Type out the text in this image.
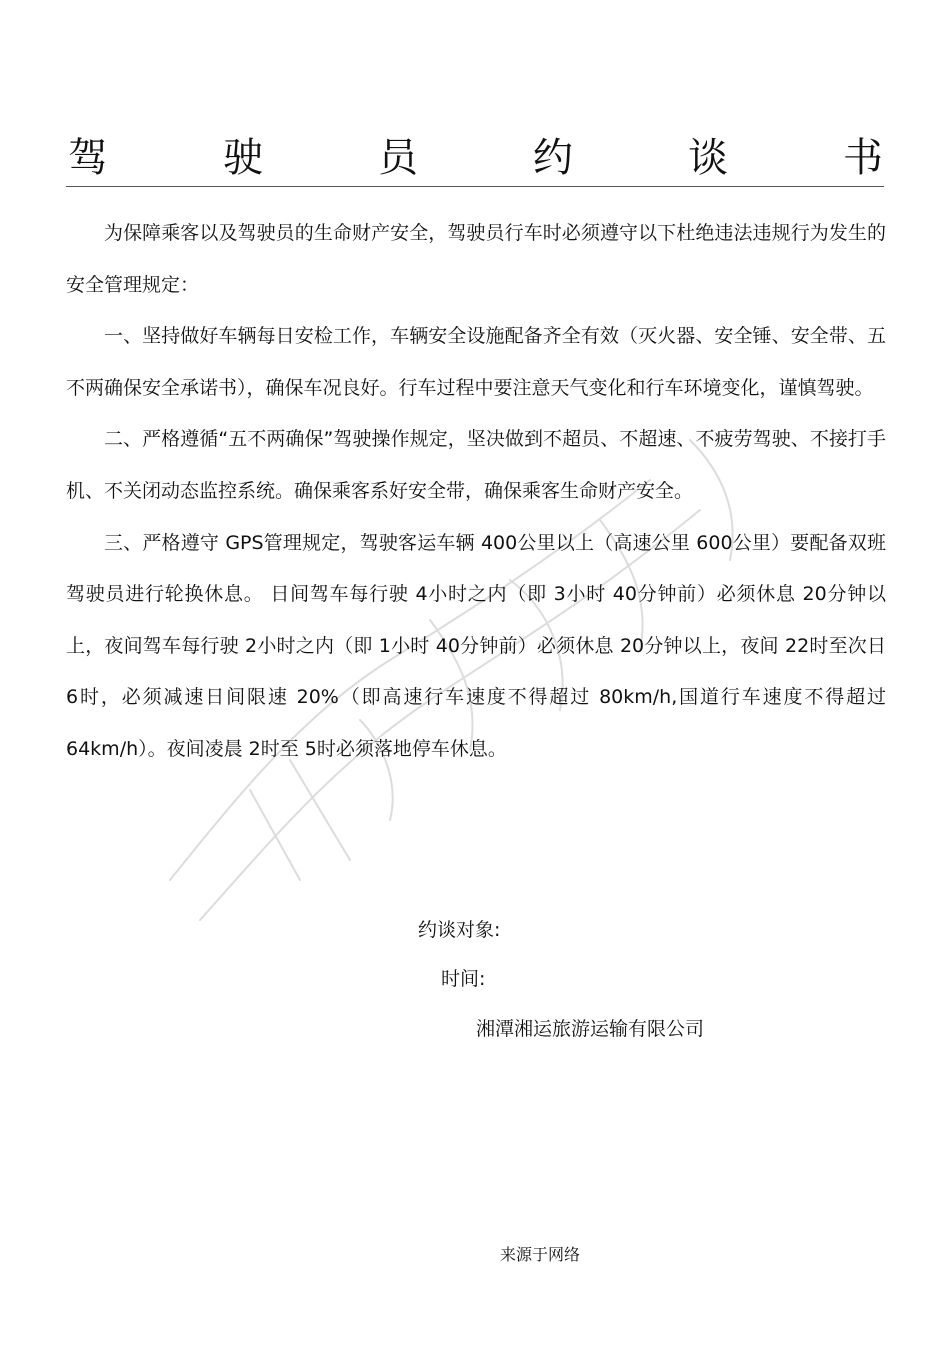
驾	驶	员	约	谈	书

为保障乘客以及驾驶员的生命财产安全，驾驶员行车时必须遵守以下杜绝违法违规行为发生的安全管理规定：

一、坚持做好车辆每日安检工作，车辆安全设施配备齐全有效（灭火器、安全锤、安全带、五不两确保安全承诺书），确保车况良好。行车过程中要注意天气变化和行车环境变化，谨慎驾驶。

二、严格遵循“五不两确保”驾驶操作规定，坚决做到不超员、不超速、不疲劳驾驶、不接打手机、不关闭动态监控系统。确保乘客系好安全带，确保乘客生命财产安全。

三、严格遵守 GPS管理规定，驾驶客运车辆 400公里以上（高速公里 600公里）要配备双班驾驶员进行轮换休息。 日间驾车每行驶 4小时之内（即 3小时 40分钟前）必须休息 20分钟以上，夜间驾车每行驶 2小时之内（即 1小时 40分钟前）必须休息 20分钟以上，夜间 22时至次日 6时，必须减速日间限速 20%（即高速行车速度不得超过 80km/h,国道行车速度不得超过 64km/h）。夜间凌晨 2时至 5时必须落地停车休息。

约谈对象:
时间:
湘潭湘运旅游运输有限公司
来源于网络
